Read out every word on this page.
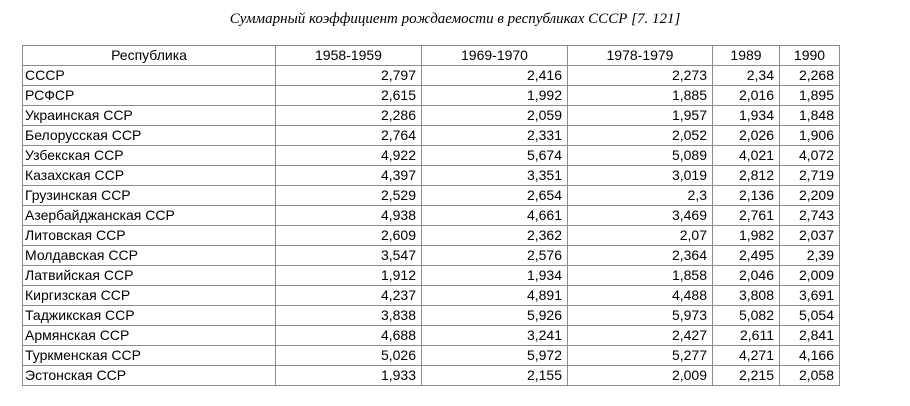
Суммарный коэффициент рождаемости в республиках СССР [7. 121]
Республика	1958-1959	1969-1970	1978-1979	1989	1990
СССР	2,797	2,416	2,273	2,34	2,268
РСФСР	2,615	1,992	1,885	2,016	1,895
Украинская ССР	2,286	2,059	1,957	1,934	1,848
Белорусская ССР	2,764	2,331	2,052	2,026	1,906
Узбекская ССР	4,922	5,674	5,089	4,021	4,072
Казахская ССР	4,397	3,351	3,019	2,812	2,719
Грузинская ССР	2,529	2,654	2,3	2,136	2,209
Азербайджанская ССР	4,938	4,661	3,469	2,761	2,743
Литовская ССР	2,609	2,362	2,07	1,982	2,037
Молдавская ССР	3,547	2,576	2,364	2,495	2,39
Латвийская ССР	1,912	1,934	1,858	2,046	2,009
Киргизская ССР	4,237	4,891	4,488	3,808	3,691
Таджикская ССР	3,838	5,926	5,973	5,082	5,054
Армянская ССР	4,688	3,241	2,427	2,611	2,841
Туркменская ССР	5,026	5,972	5,277	4,271	4,166
Эстонская ССР	1,933	2,155	2,009	2,215	2,058
